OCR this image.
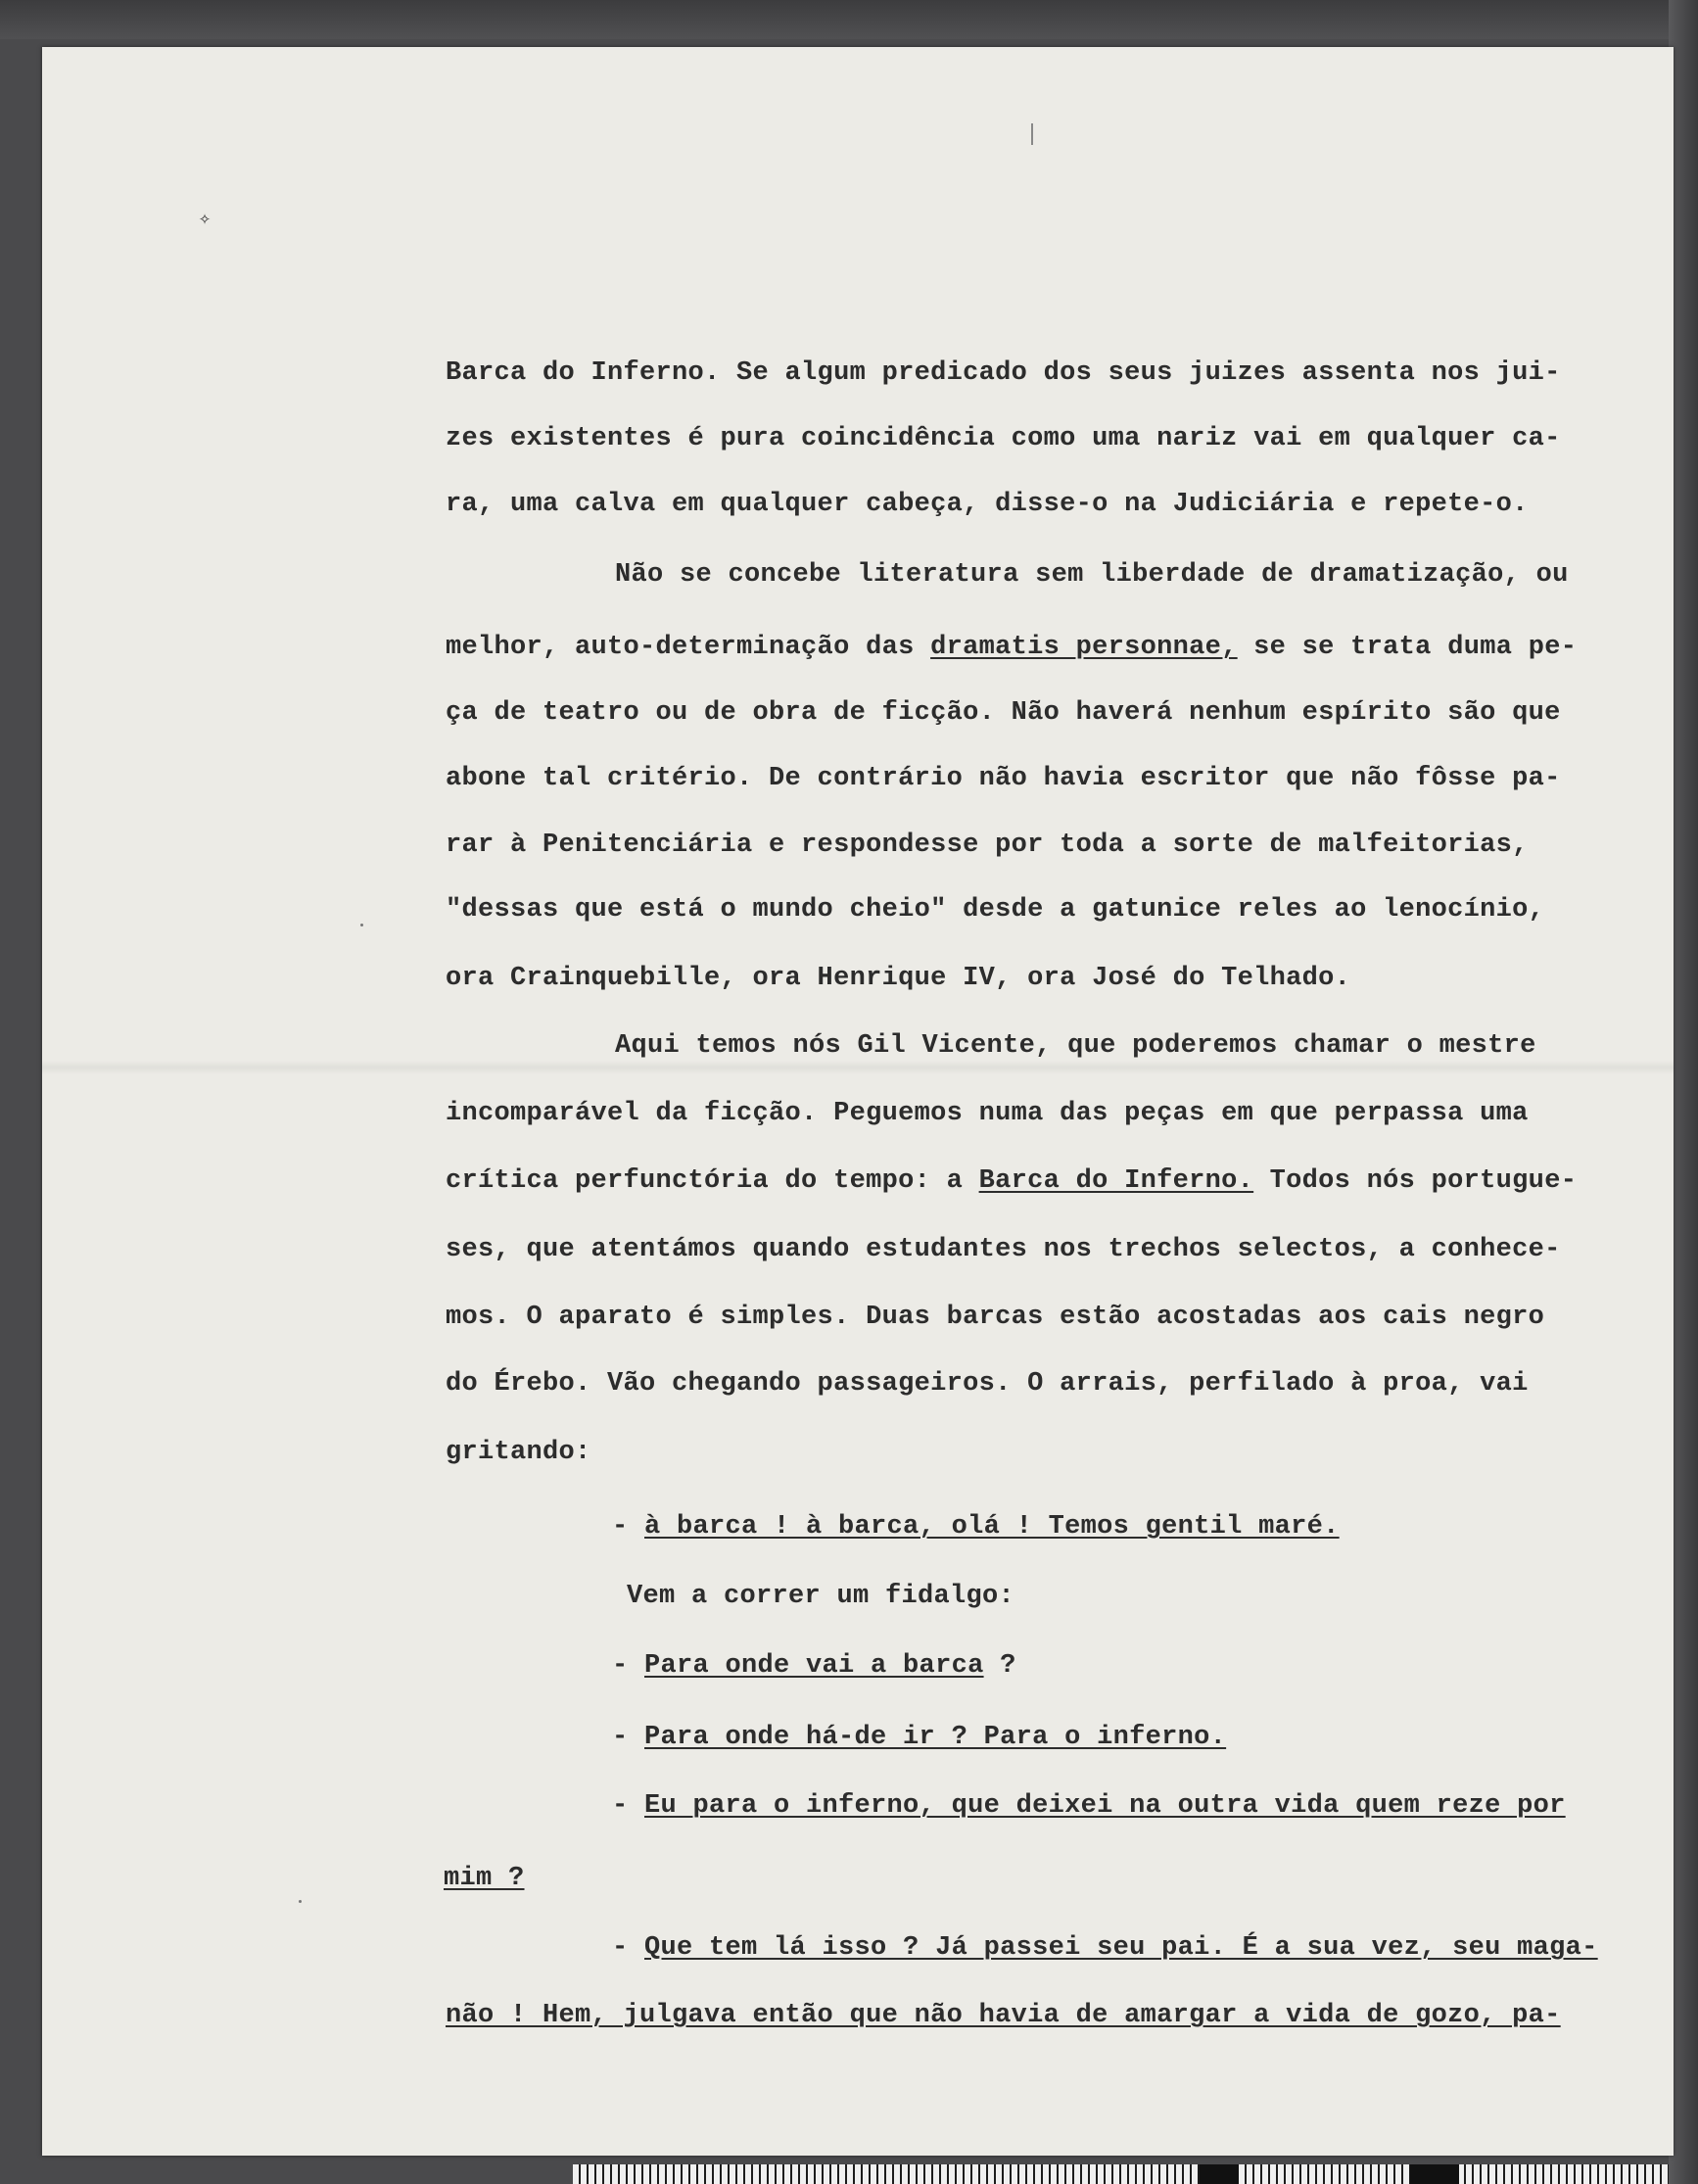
✧
Barca do Inferno. Se algum predicado dos seus juizes assenta nos jui-
zes existentes é pura coincidência como uma nariz vai em qualquer ca-
ra, uma calva em qualquer cabeça, disse-o na Judiciária e repete-o.
Não se concebe literatura sem liberdade de dramatização, ou
melhor, auto-determinação das dramatis personnae, se se trata duma pe-
ça de teatro ou de obra de ficção. Não haverá nenhum espírito são que
abone tal critério. De contrário não havia escritor que não fôsse pa-
rar à Penitenciária e respondesse por toda a sorte de malfeitorias,
"dessas que está o mundo cheio" desde a gatunice reles ao lenocínio,
ora Crainquebille, ora Henrique IV, ora José do Telhado.
Aqui temos nós Gil Vicente, que poderemos chamar o mestre
incomparável da ficção. Peguemos numa das peças em que perpassa uma
crítica perfunctória do tempo: a Barca do Inferno. Todos nós portugue-
ses, que atentámos quando estudantes nos trechos selectos, a conhece-
mos. O aparato é simples. Duas barcas estão acostadas aos cais negro
do Érebo. Vão chegando passageiros. O arrais, perfilado à proa, vai
gritando:
- à barca ! à barca, olá ! Temos gentil maré.
Vem a correr um fidalgo:
- Para onde vai a barca ?
- Para onde há-de ir ? Para o inferno.
- Eu para o inferno, que deixei na outra vida quem reze por
mim ?
- Que tem lá isso ? Já passei seu pai. É a sua vez, seu maga-
não ! Hem, julgava então que não havia de amargar a vida de gozo, pa-
